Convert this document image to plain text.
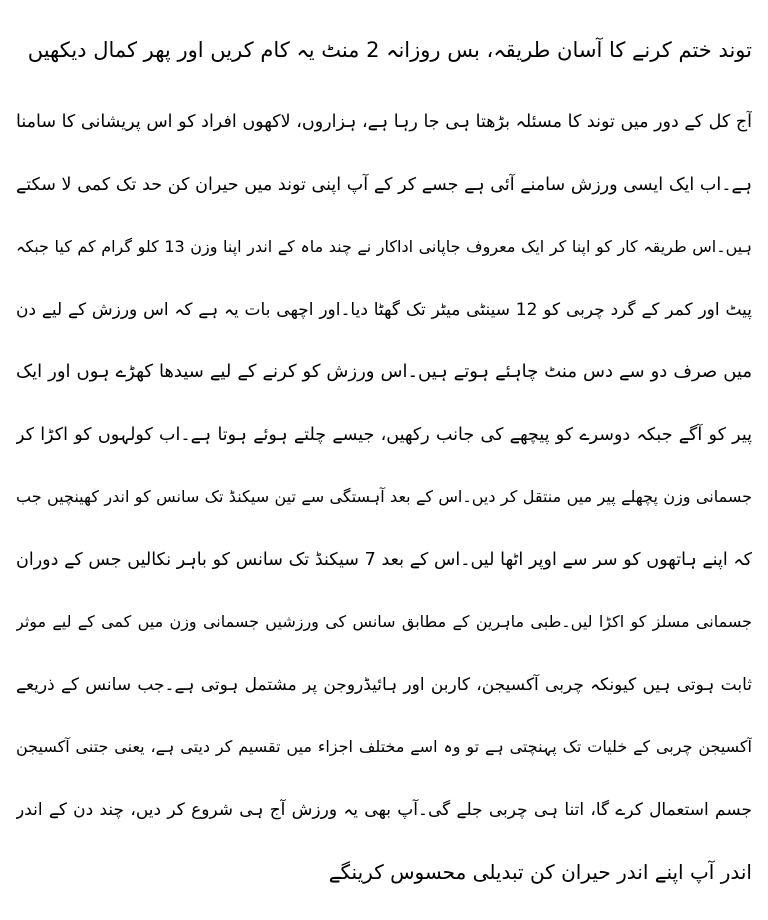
توند ختم کرنے کا آسان طریقہ، بس روزانہ 2 منٹ یہ کام کریں اور پھر کمال دیکھیں
آج کل کے دور میں توند کا مسئلہ بڑھتا ہی جا رہا ہے، ہزاروں، لاکھوں افراد کو اس پریشانی کا سامنا
ہے۔اب ایک ایسی ورزش سامنے آئی ہے جسے کر کے آپ اپنی توند میں حیران کن حد تک کمی لا سکتے
ہیں۔اس طریقہ کار کو اپنا کر ایک معروف جاپانی اداکار نے چند ماہ کے اندر اپنا وزن 13 کلو گرام کم کیا جبکہ
پیٹ اور کمر کے گرد چربی کو 12 سینٹی میٹر تک گھٹا دیا۔اور اچھی بات یہ ہے کہ اس ورزش کے لیے دن
میں صرف دو سے دس منٹ چاہئے ہوتے ہیں۔اس ورزش کو کرنے کے لیے سیدھا کھڑے ہوں اور ایک
پیر کو آگے جبکہ دوسرے کو پیچھے کی جانب رکھیں، جیسے چلتے ہوئے ہوتا ہے۔اب کولہوں کو اکڑا کر
جسمانی وزن پچھلے پیر میں منتقل کر دیں۔اس کے بعد آہستگی سے تین سیکنڈ تک سانس کو اندر کھینچیں جب
کہ اپنے ہاتھوں کو سر سے اوپر اٹھا لیں۔اس کے بعد 7 سیکنڈ تک سانس کو باہر نکالیں جس کے دوران
جسمانی مسلز کو اکڑا لیں۔طبی ماہرین کے مطابق سانس کی ورزشیں جسمانی وزن میں کمی کے لیے موثر
ثابت ہوتی ہیں کیونکہ چربی آکسیجن، کاربن اور ہائیڈروجن پر مشتمل ہوتی ہے۔جب سانس کے ذریعے
آکسیجن چربی کے خلیات تک پہنچتی ہے تو وہ اسے مختلف اجزاء میں تقسیم کر دیتی ہے، یعنی جتنی آکسیجن
جسم استعمال کرے گا، اتنا ہی چربی جلے گی۔آپ بھی یہ ورزش آج ہی شروع کر دیں، چند دن کے اندر
اندر آپ اپنے اندر حیران کن تبدیلی محسوس کرینگے
